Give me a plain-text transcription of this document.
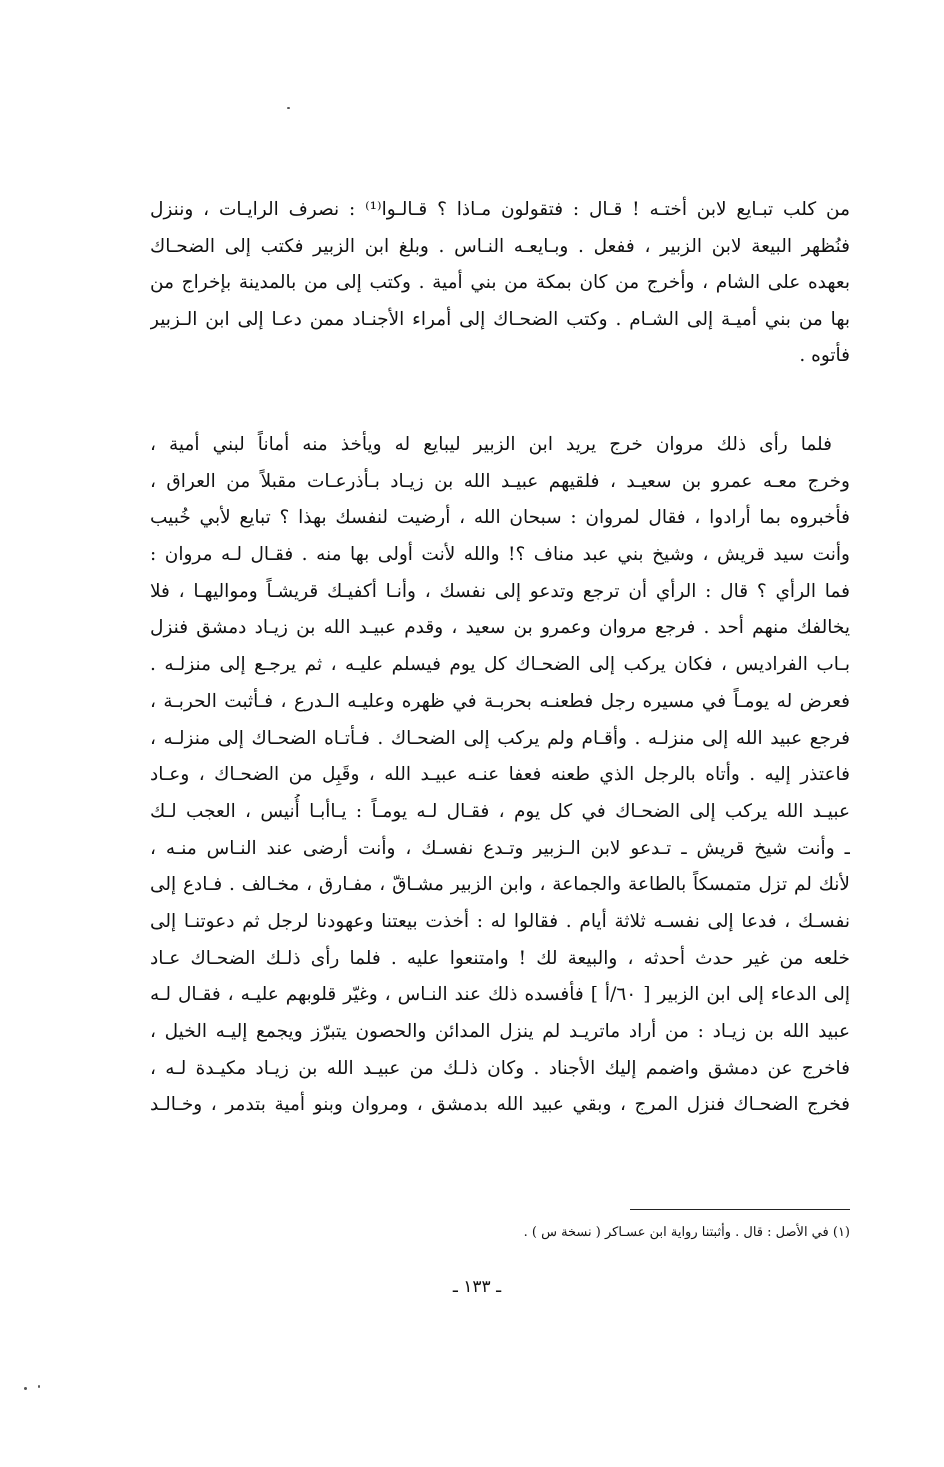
من كلب تبـايع لابن أختـه ! قـال : فتقولون مـاذا ؟ قـالـوا⁽¹⁾ : نصرف الرايـات ، وننزل
فنُظهر البيعة لابن الزبير ، ففعل . وبـايعـه النـاس . وبلغ ابن الزبير فكتب إلى الضحـاك
بعهده على الشام ، وأخرج من كان بمكة من بني أمية . وكتب إلى من بالمدينة بإخراج من
بها من بني أميـة إلى الشـام . وكتب الضحـاك إلى أمراء الأجنـاد ممن دعـا إلى ابن الـزبير
فأتوه .
فلما رأى ذلك مروان خرج يريد ابن الزبير ليبايع له ويأخذ منه أماناً لبني أمية ،
وخرج معـه عمرو بن سعيـد ، فلقيهم عبيـد الله بن زيـاد بـأذرعـات مقبلاً من العراق ،
فأخبروه بما أرادوا ، فقال لمروان : سبحان الله ، أرضيت لنفسك بهذا ؟ تبايع لأبي خُبيب
وأنت سيد قريش ، وشيخ بني عبد مناف ؟! والله لأنت أولى بها منه . فقـال لـه مروان :
فما الرأي ؟ قال : الرأي أن ترجع وتدعو إلى نفسك ، وأنـا أكفيـك قريشـاً ومواليهـا ، فلا
يخالفك منهم أحد . فرجع مروان وعمرو بن سعيد ، وقدم عبيـد الله بن زيـاد دمشق فنزل
بـاب الفراديس ، فكان يركب إلى الضحـاك كل يوم فيسلم عليـه ، ثم يرجـع إلى منزلـه .
فعرض له يومـاً في مسيره رجل فطعنـه بحربـة في ظهره وعليـه الـدرع ، فـأثبت الحربـة ،
فرجع عبيد الله إلى منزلـه . وأقـام ولم يركب إلى الضحـاك . فـأتـاه الضحـاك إلى منزلـه ،
فاعتذر إليه . وأتاه بالرجل الذي طعنه فعفا عنـه عبيـد الله ، وقَبِل من الضحـاك ، وعـاد
عبيـد الله يركب إلى الضحـاك في كل يوم ، فقـال لـه يومـاً : يـاأبـا أُنيس ، العجب لـك
ـ وأنت شيخ قريش ـ تـدعو لابن الـزبير وتـدع نفسـك ، وأنت أرضى عند النـاس منـه ،
لأنك لم تزل متمسكاً بالطاعة والجماعة ، وابن الزبير مشـاقّ ، مفـارق ، مخـالف . فـادع إلى
نفسـك ، فدعا إلى نفسـه ثلاثة أيام . فقالوا له : أخذت بيعتنا وعهودنا لرجل ثم دعوتنـا إلى
خلعه من غير حدث أحدثه ، والبيعة لك ! وامتنعوا عليه . فلما رأى ذلـك الضحـاك عـاد
إلى الدعاء إلى ابن الزبير [ ٦٠/أ ] فأفسده ذلك عند النـاس ، وغيّر قلوبهم عليـه ، فقـال لـه
عبيد الله بن زيـاد : من أراد ماتريـد لم ينزل المدائن والحصون يتبرّز ويجمع إليـه الخيل ،
فاخرج عن دمشق واضمم إليك الأجناد . وكان ذلـك من عبيـد الله بن زيـاد مكيـدة لـه ،
فخرج الضحـاك فنزل المرج ، وبقي عبيد الله بدمشق ، ومروان وبنو أمية بتدمر ، وخـالـد
(١) في الأصل : قال . وأثبتنا رواية ابن عسـاكر ( نسخة س ) .
ـ ١٣٣ ـ
